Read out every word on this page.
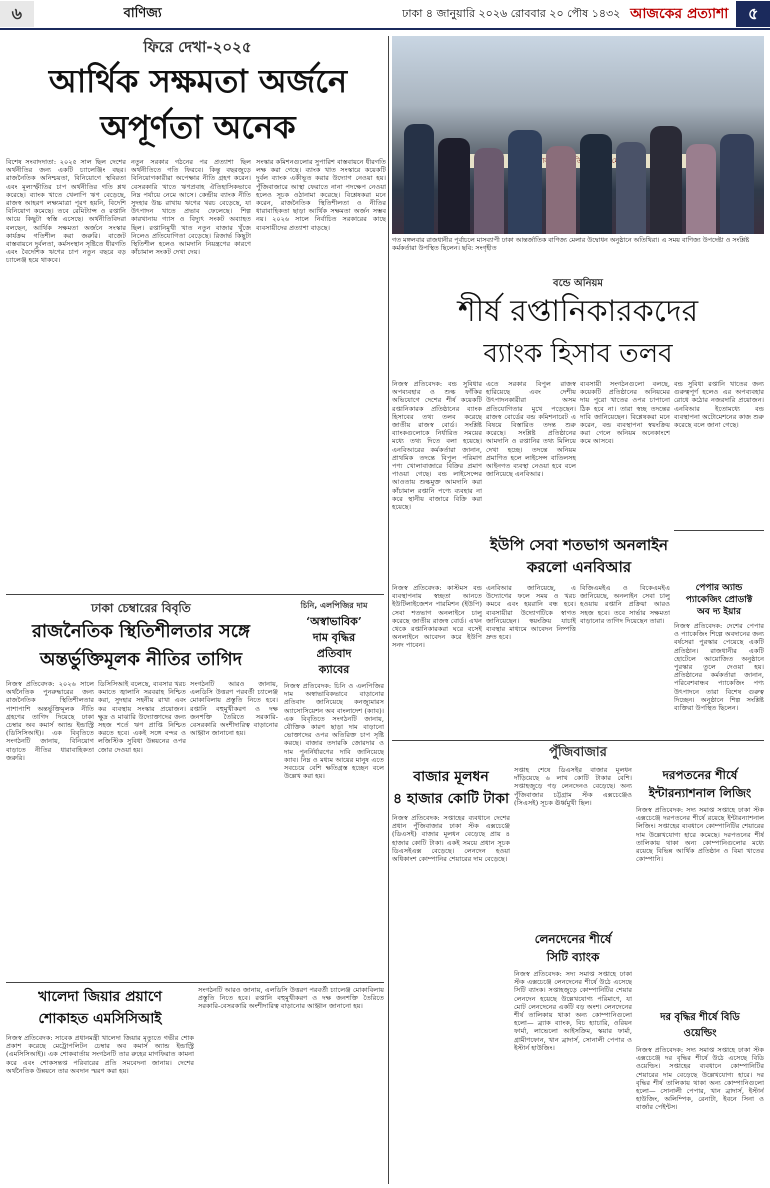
৬	বাণিজ্য	ঢাকা ৪ জানুয়ারি ২০২৬ রোববার ২০ পৌষ ১৪৩২ আজকের প্রত্যাশা	৫
ফিরে দেখা-২০২৫
আর্থিক সক্ষমতা অর্জনে
অপূর্ণতা অনেক
বিশেষ সংবাদদাতা: ২০২৫ সাল ছিল দেশের অর্থনীতির জন্য একটি চ্যালেঞ্জিং বছর। রাজনৈতিক অনিশ্চয়তা, বিনিয়োগে স্থবিরতা এবং মূল্যস্ফীতির চাপ অর্থনীতির গতি শ্লথ করেছে। ব্যাংক খাতে খেলাপি ঋণ বেড়েছে, রাজস্ব আহরণ লক্ষ্যমাত্রা পূরণ হয়নি, বিদেশি বিনিয়োগ কমেছে। তবে রেমিট্যান্স ও রপ্তানি আয়ে কিছুটা স্বস্তি এসেছে। অর্থনীতিবিদরা বলছেন, আর্থিক সক্ষমতা অর্জনে সংস্কার কার্যক্রম গতিশীল করা জরুরি। বাজেট বাস্তবায়নে দুর্বলতা, কর্মসংস্থান সৃষ্টিতে ধীরগতি এবং বৈদেশিক ঋণের চাপ নতুন বছরে বড় চ্যালেঞ্জ হয়ে থাকবে।
নতুন সরকার গঠনের পর প্রত্যাশা ছিল অর্থনীতিতে গতি ফিরবে। কিন্তু বছরজুড়ে বিনিয়োগকারীরা অপেক্ষার নীতি গ্রহণ করেন। বেসরকারি খাতে ঋণপ্রবাহ ঐতিহাসিকভাবে নিম্ন পর্যায়ে নেমে আসে। কেন্দ্রীয় ব্যাংক নীতি সুদহার উচ্চ রাখায় ঋণের খরচ বেড়েছে, যা উৎপাদন খাতে প্রভাব ফেলেছে। শিল্প কারখানায় গ্যাস ও বিদ্যুৎ সংকট অব্যাহত ছিল। রপ্তানিমুখী খাত নতুন বাজার খুঁজে নিলেও প্রতিযোগিতা বেড়েছে। রিজার্ভ কিছুটা স্থিতিশীল হলেও আমদানি নিয়ন্ত্রণের কারণে কাঁচামাল সংকট দেখা দেয়।
সংস্কার কমিশনগুলোর সুপারিশ বাস্তবায়নে ধীরগতি লক্ষ করা গেছে। ব্যাংক খাত সংস্কারে কয়েকটি দুর্বল ব্যাংক একীভূত করার উদ্যোগ নেওয়া হয়। পুঁজিবাজারে আস্থা ফেরাতে নানা পদক্ষেপ নেওয়া হলেও সূচক ওঠানামা করেছে। বিশ্লেষকরা মনে করেন, রাজনৈতিক স্থিতিশীলতা ও নীতির ধারাবাহিকতা ছাড়া আর্থিক সক্ষমতা অর্জন সম্ভব নয়। ২০২৬ সালে নির্বাচিত সরকারের কাছে ব্যবসায়ীদের প্রত্যাশা বাড়ছে।
ঢাকা
গত মঙ্গলবার রাজধানীর পূর্বাচলে মাসব্যাপী ঢাকা আন্তর্জাতিক বাণিজ্য মেলার উদ্বোধন অনুষ্ঠানে অতিথিরা। এ সময় বাণিজ্য উপদেষ্টা ও সংশ্লিষ্ট কর্মকর্তারা উপস্থিত ছিলেন। ছবি: সংগৃহীত
বন্ডে অনিয়ম
শীর্ষ রপ্তানিকারকদের
ব্যাংক হিসাব তলব
নিজস্ব প্রতিবেদক: বন্ড সুবিধার অপব্যবহার ও শুল্ক ফাঁকির অভিযোগে দেশের শীর্ষ কয়েকটি রপ্তানিকারক প্রতিষ্ঠানের ব্যাংক হিসাবের তথ্য তলব করেছে জাতীয় রাজস্ব বোর্ড। সংশ্লিষ্ট ব্যাংকগুলোকে নির্ধারিত সময়ের মধ্যে তথ্য দিতে বলা হয়েছে। এনবিআরের কর্মকর্তারা জানান, প্রাথমিক তদন্তে বিপুল পরিমাণ পণ্য খোলাবাজারে বিক্রির প্রমাণ পাওয়া গেছে। বন্ড লাইসেন্সের আওতায় শুল্কমুক্ত আমদানি করা কাঁচামাল রপ্তানি পণ্যে ব্যবহার না করে স্থানীয় বাজারে বিক্রি করা হয়েছে।
এতে সরকার বিপুল রাজস্ব হারিয়েছে এবং দেশীয় উৎপাদনকারীরা অসম প্রতিযোগিতার মুখে পড়েছেন। রাজস্ব বোর্ডের বন্ড কমিশনারেট এ বিষয়ে বিস্তারিত তদন্ত শুরু করেছে। সংশ্লিষ্ট প্রতিষ্ঠানের আমদানি ও রপ্তানির তথ্য মিলিয়ে দেখা হচ্ছে। তদন্তে অনিয়ম প্রমাণিত হলে লাইসেন্স বাতিলসহ আইনগত ব্যবস্থা নেওয়া হবে বলে জানিয়েছে এনবিআর।
ব্যবসায়ী সংগঠনগুলো বলছে, কয়েকটি প্রতিষ্ঠানের অনিয়মের দায় পুরো খাতের ওপর চাপানো ঠিক হবে না। তারা স্বচ্ছ তদন্তের দাবি জানিয়েছেন। বিশ্লেষকরা মনে করেন, বন্ড ব্যবস্থাপনা স্বয়ংক্রিয় করা গেলে অনিয়ম অনেকাংশে কমে আসবে।
বন্ড সুবিধা রপ্তানি খাতের জন্য গুরুত্বপূর্ণ হলেও এর অপব্যবহার রোধে কঠোর নজরদারি প্রয়োজন। এনবিআর ইতোমধ্যে বন্ড ব্যবস্থাপনা অটোমেশনের কাজ শুরু করেছে বলে জানা গেছে।
ইউপি সেবা শতভাগ অনলাইন
করলো এনবিআর
নিজস্ব প্রতিবেদক: কাস্টমস বন্ড ব্যবস্থাপনায় স্বচ্ছতা আনতে ইউটিলাইজেশন পারমিশন (ইউপি) সেবা শতভাগ অনলাইনে চালু করেছে জাতীয় রাজস্ব বোর্ড। এখন থেকে রপ্তানিকারকরা ঘরে বসেই অনলাইনে আবেদন করে ইউপি সনদ পাবেন।
এনবিআর জানিয়েছে, এ উদ্যোগের ফলে সময় ও খরচ কমবে এবং হয়রানি বন্ধ হবে। ব্যবসায়ীরা উদ্যোগটিকে স্বাগত জানিয়েছেন। স্বয়ংক্রিয় যাচাই ব্যবস্থার মাধ্যমে আবেদন নিষ্পত্তি দ্রুত হবে।
বিজিএমইএ ও বিকেএমইএ জানিয়েছে, অনলাইন সেবা চালু হওয়ায় রপ্তানি প্রক্রিয়া আরও সহজ হবে। তবে সার্ভার সক্ষমতা বাড়ানোর তাগিদ দিয়েছেন তারা।
পেপার অ্যান্ড
প্যাকেজিং প্রোডাক্ট
অব দ্য ইয়ার
নিজস্ব প্রতিবেদক: দেশের পেপার ও প্যাকেজিং শিল্পে অবদানের জন্য বর্ষসেরা পুরস্কার পেয়েছে একটি প্রতিষ্ঠান। রাজধানীর একটি হোটেলে আয়োজিত অনুষ্ঠানে পুরস্কার তুলে দেওয়া হয়। প্রতিষ্ঠানের কর্মকর্তারা জানান, পরিবেশবান্ধব প্যাকেজিং পণ্য উৎপাদনে তারা বিশেষ গুরুত্ব দিচ্ছেন। অনুষ্ঠানে শিল্প সংশ্লিষ্ট ব্যক্তিরা উপস্থিত ছিলেন।
ঢাকা চেম্বারের বিবৃতি
রাজনৈতিক স্থিতিশীলতার সঙ্গে
অন্তর্ভুক্তিমূলক নীতির তাগিদ
নিজস্ব প্রতিবেদক: ২০২৬ সালে অর্থনৈতিক পুনরুদ্ধারের জন্য রাজনৈতিক স্থিতিশীলতার পাশাপাশি অন্তর্ভুক্তিমূলক নীতি গ্রহণের তাগিদ দিয়েছে ঢাকা চেম্বার অব কমার্স অ্যান্ড ইন্ডাস্ট্রি (ডিসিসিআই)। এক বিবৃতিতে সংগঠনটি জানায়, বিনিয়োগ বাড়াতে নীতির ধারাবাহিকতা জরুরি।
ডিসিসিআই বলেছে, ব্যবসার খরচ কমাতে জ্বালানি সরবরাহ নিশ্চিত করা, সুদহার সহনীয় রাখা এবং কর ব্যবস্থায় সংস্কার প্রয়োজন। ক্ষুদ্র ও মাঝারি উদ্যোক্তাদের জন্য সহজ শর্তে ঋণ প্রাপ্তি নিশ্চিত করতে হবে। একই সঙ্গে বন্দর ও লজিস্টিক সুবিধা উন্নয়নের ওপর জোর দেওয়া হয়।
সংগঠনটি আরও জানায়, এলডিসি উত্তরণ পরবর্তী চ্যালেঞ্জ মোকাবিলায় প্রস্তুতি নিতে হবে। রপ্তানি বহুমুখীকরণ ও দক্ষ জনশক্তি তৈরিতে সরকারি-বেসরকারি অংশীদারিত্ব বাড়ানোর আহ্বান জানানো হয়।
চিনি, এলপিজির দাম
‘অস্বাভাবিক’
দাম বৃদ্ধির
প্রতিবাদ
ক্যাবের
নিজস্ব প্রতিবেদক: চিনি ও এলপিজির দাম অস্বাভাবিকভাবে বাড়ানোর প্রতিবাদ জানিয়েছে কনজ্যুমারস অ্যাসোসিয়েশন অব বাংলাদেশ (ক্যাব)। এক বিবৃতিতে সংগঠনটি জানায়, যৌক্তিক কারণ ছাড়া দাম বাড়ানো ভোক্তাদের ওপর অতিরিক্ত চাপ সৃষ্টি করছে। বাজার তদারকি জোরদার ও দাম পুনর্নির্ধারণের দাবি জানিয়েছে ক্যাব। নিম্ন ও মধ্যম আয়ের মানুষ এতে সবচেয়ে বেশি ক্ষতিগ্রস্ত হচ্ছেন বলে উল্লেখ করা হয়।
খালেদা জিয়ার প্রয়াণে
শোকাহত এমসিসিআই
নিজস্ব প্রতিবেদক: সাবেক প্রধানমন্ত্রী খালেদা জিয়ার মৃত্যুতে গভীর শোক প্রকাশ করেছে মেট্রোপলিটন চেম্বার অব কমার্স অ্যান্ড ইন্ডাস্ট্রি (এমসিসিআই)। এক শোকবার্তায় সংগঠনটি তার রুহের মাগফিরাত কামনা করে এবং শোকসন্তপ্ত পরিবারের প্রতি সমবেদনা জানায়। দেশের অর্থনৈতিক উন্নয়নে তার অবদান স্মরণ করা হয়।
সংগঠনটি আরও জানায়, এলডিসি উত্তরণ পরবর্তী চ্যালেঞ্জ মোকাবিলায় প্রস্তুতি নিতে হবে। রপ্তানি বহুমুখীকরণ ও দক্ষ জনশক্তি তৈরিতে সরকারি-বেসরকারি অংশীদারিত্ব বাড়ানোর আহ্বান জানানো হয়।
পুঁজিবাজার
বাজার মূলধন
৪ হাজার কোটি টাকা
নিজস্ব প্রতিবেদক: সপ্তাহের ব্যবধানে দেশের প্রধান পুঁজিবাজার ঢাকা স্টক এক্সচেঞ্জে (ডিএসই) বাজার মূলধন বেড়েছে প্রায় ৪ হাজার কোটি টাকা। একই সময়ে প্রধান সূচক ডিএসইএক্স বেড়েছে। লেনদেন হওয়া অধিকাংশ কোম্পানির শেয়ারের দাম বেড়েছে।
সপ্তাহ শেষে ডিএসইর বাজার মূলধন দাঁড়িয়েছে ৬ লাখ কোটি টাকার বেশি। সপ্তাহজুড়ে গড় লেনদেনও বেড়েছে। অন্য পুঁজিবাজার চট্টগ্রাম স্টক এক্সচেঞ্জেও (সিএসই) সূচক ঊর্ধ্বমুখী ছিল।
লেনদেনের শীর্ষে
সিটি ব্যাংক
নিজস্ব প্রতিবেদক: সদ্য সমাপ্ত সপ্তাহে ঢাকা স্টক এক্সচেঞ্জে লেনদেনের শীর্ষে উঠে এসেছে সিটি ব্যাংক। সপ্তাহজুড়ে কোম্পানিটির শেয়ার লেনদেন হয়েছে উল্লেখযোগ্য পরিমাণে, যা মোট লেনদেনের একটি বড় অংশ। লেনদেনের শীর্ষ তালিকায় থাকা অন্য কোম্পানিগুলো হলো— ব্র্যাক ব্যাংক, বিচ হ্যাচারি, ওরিয়ন ফার্মা, লাভেলো আইসক্রিম, স্কয়ার ফার্মা, গ্রামীণফোন, খান ব্রাদার্স, সোনালী পেপার ও ইস্টার্ন হাউজিং।
দরপতনের শীর্ষে
ইন্টারন্যাশনাল লিজিং
নিজস্ব প্রতিবেদক: সদ্য সমাপ্ত সপ্তাহে ঢাকা স্টক এক্সচেঞ্জে দরপতনের শীর্ষে রয়েছে ইন্টারন্যাশনাল লিজিং। সপ্তাহের ব্যবধানে কোম্পানিটির শেয়ারের দাম উল্লেখযোগ্য হারে কমেছে। দরপতনের শীর্ষ তালিকায় থাকা অন্য কোম্পানিগুলোর মধ্যে রয়েছে বিভিন্ন আর্থিক প্রতিষ্ঠান ও বিমা খাতের কোম্পানি।
দর বৃদ্ধির শীর্ষে বিডি
ওয়েল্ডিং
নিজস্ব প্রতিবেদক: সদ্য সমাপ্ত সপ্তাহে ঢাকা স্টক এক্সচেঞ্জে দর বৃদ্ধির শীর্ষে উঠে এসেছে বিডি ওয়েল্ডিং। সপ্তাহের ব্যবধানে কোম্পানিটির শেয়ারের দাম বেড়েছে উল্লেখযোগ্য হারে। দর বৃদ্ধির শীর্ষ তালিকায় থাকা অন্য কোম্পানিগুলো হলো— সোনালী পেপার, খান ব্রাদার্স, ইস্টার্ন হাউজিং, অলিম্পিক, রেনাটা, ইবনে সিনা ও বার্জার পেইন্টস।
